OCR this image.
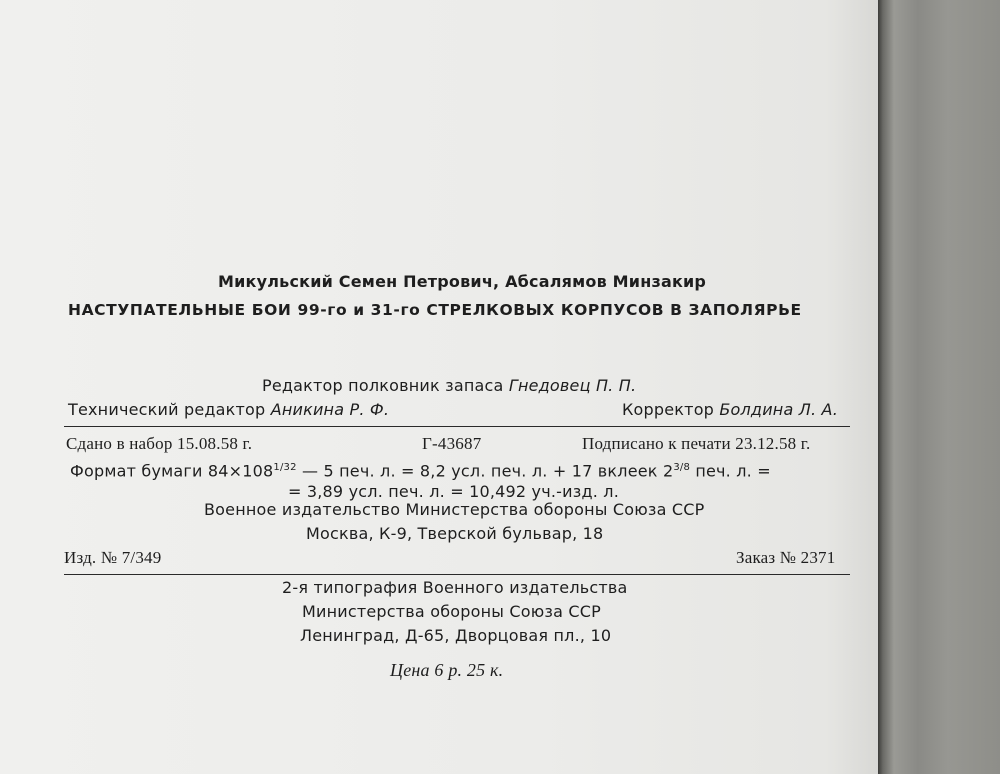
Микульский Семен Петрович, Абсалямов Минзакир
НАСТУПАТЕЛЬНЫЕ БОИ 99-го и 31-го СТРЕЛКОВЫХ КОРПУСОВ В ЗАПОЛЯРЬЕ
Редактор полковник запаса Гнедовец П. П.
Технический редактор Аникина Р. Ф.	Корректор Болдина Л. А.
Сдано в набор 15.08.58 г.	Г-43687	Подписано к печати 23.12.58 г.
Формат бумаги $84\times 108^{1/32}$ — 5 печ. л. = 8,2 усл. печ. л. + 17 вклеек $2^{3/8}$ печ. л. =
= 3,89 усл. печ. л. = 10,492 уч.-изд. л.
Военное издательство Министерства обороны Союза ССР
Москва, К-9, Тверской бульвар, 18
Изд. № 7/349	Заказ № 2371
2-я типография Военного издательства
Министерства обороны Союза ССР
Ленинград, Д-65, Дворцовая пл., 10
Цена 6 р. 25 к.
